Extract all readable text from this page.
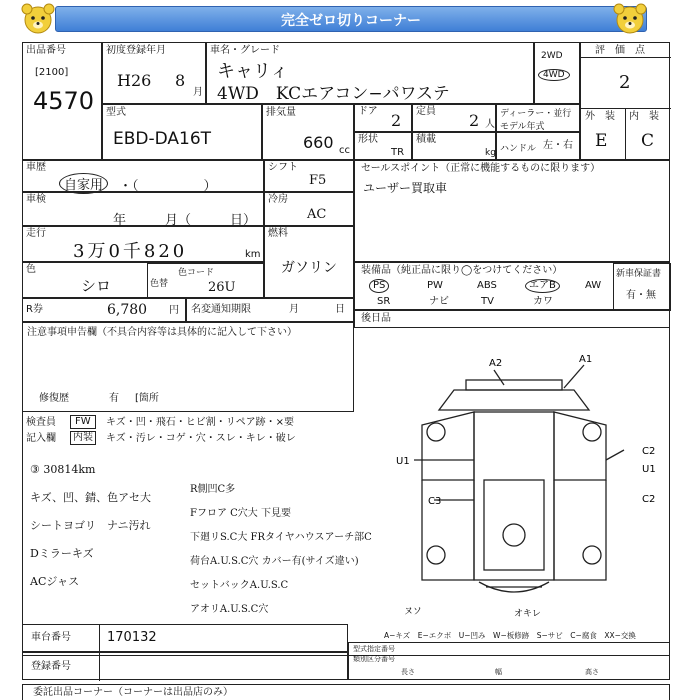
完全ゼロ切りコーナー
出品番号
[2100]
4570
初度登録年月
H26 8
月
車名・グレード
キャリィ
4WD　KCエアコン−パワステ
2WD
4WD
評　価　点
2
外　装 内　装
E C
型式
EBD-DA16T
排気量
660 cc
ドア 2 定員 2 人
ディーラー・並行
モデル年式
形状
TR
積載
kg ハンドル 左・右
車歴
自家用	・（　　　　　）
車検
年　　　月（　　　日）
走行
3万0千820	km
色
シロ	色替
色コード
26U
シフト
F5
冷房
AC
燃料
ガソリン
セールスポイント（正常に機能するものに限ります）
ユーザー買取車
装備品（純正品に限り◯をつけてください）	新車保証書
有・無
PS	PW	ABS	エアB	AW
SR	ナビ	TV	カワ
後日品
R券	6,780 円 名変通知期限	月	日
注意事項申告欄（不具合内容等は具体的に記入して下さい）
修復歴	有 [箇所
検査員	FW	キズ・凹・飛石・ヒビ割・リペア跡・×要
記入欄	内装	キズ・汚レ・コゲ・穴・スレ・キレ・破レ
③ 30814km
キズ、凹、錆、色アセ大
シートヨゴリ　ナニ汚れ
Dミラーキズ
ACジャス
R側凹C多
Fフロア C穴大 下見要
下廻リS.C大 FRタイヤハウスアーチ部C
荷台A.U.S.C穴 カバー有(サイズ違い)
セットバックA.U.S.C
アオリA.U.S.C穴
A2	A1
U1
U1
C3
C2
C2
ヌソ	オキレ
A−キズ　E−エクボ　U−凹み　W−板修跡　S−サビ　C−腐食　XX−交換
車台番号	170132
登録番号
型式指定番号
類別区分番号
長さ	幅	高さ
委託出品コーナー（コーナーは出品店のみ）
